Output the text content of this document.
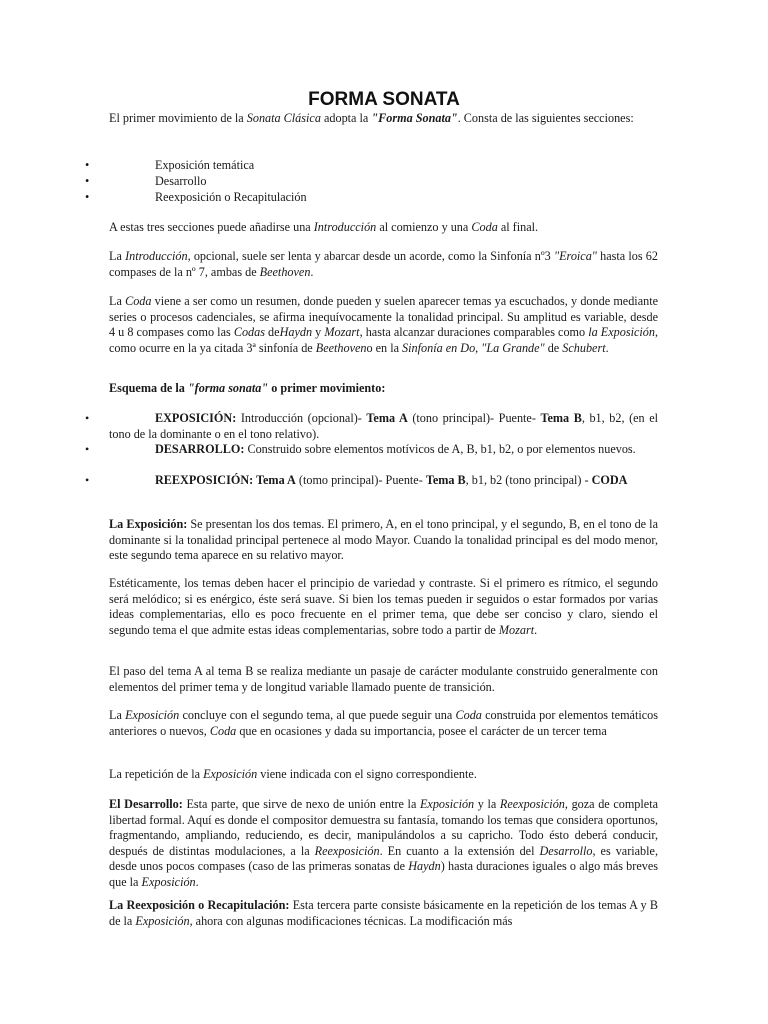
FORMA SONATA

El primer movimiento de la Sonata Clásica adopta la "Forma Sonata". Consta de las siguientes secciones:

•	Exposición temática
•	Desarrollo
•	Reexposición o Recapitulación

A estas tres secciones puede añadirse una Introducción al comienzo y una Coda al final.

La Introducción, opcional, suele ser lenta y abarcar desde un acorde, como la Sinfonía nº3 "Eroica" hasta los 62 compases de la nº 7, ambas de Beethoven.

La Coda viene a ser como un resumen, donde pueden y suelen aparecer temas ya escuchados, y donde mediante series o procesos cadenciales, se afirma inequívocamente la tonalidad principal. Su amplitud es variable, desde 4 u 8 compases como las Codas deHaydn y Mozart, hasta alcanzar duraciones comparables como la Exposición, como ocurre en la ya citada 3ª sinfonía de Beethoveno en la Sinfonía en Do, "La Grande" de Schubert.

Esquema de la "forma sonata" o primer movimiento:

•	EXPOSICIÓN: Introducción (opcional)- Tema A (tono principal)- Puente- Tema B, b1, b2, (en el tono de la dominante o en el tono relativo).
•	DESARROLLO: Construido sobre elementos motívicos de A, B, b1, b2, o por elementos nuevos.
•	REEXPOSICIÓN: Tema A (tomo principal)- Puente- Tema B, b1, b2 (tono principal) - CODA

La Exposición: Se presentan los dos temas. El primero, A, en el tono principal, y el segundo, B, en el tono de la dominante si la tonalidad principal pertenece al modo Mayor. Cuando la tonalidad principal es del modo menor, este segundo tema aparece en su relativo mayor.

Estéticamente, los temas deben hacer el principio de variedad y contraste. Si el primero es rítmico, el segundo será melódico; si es enérgico, éste será suave. Si bien los temas pueden ir seguidos o estar formados por varias ideas complementarias, ello es poco frecuente en el primer tema, que debe ser conciso y claro, siendo el segundo tema el que admite estas ideas complementarias, sobre todo a partir de Mozart.

El paso del tema A al tema B se realiza mediante un pasaje de carácter modulante construido generalmente con elementos del primer tema y de longitud variable llamado puente de transición.

La Exposición concluye con el segundo tema, al que puede seguir una Coda construida por elementos temáticos anteriores o nuevos, Coda que en ocasiones y dada su importancia, posee el carácter de un tercer tema

La repetición de la Exposición viene indicada con el signo correspondiente.

El Desarrollo: Esta parte, que sirve de nexo de unión entre la Exposición y la Reexposición, goza de completa libertad formal. Aquí es donde el compositor demuestra su fantasía, tomando los temas que considera oportunos, fragmentando, ampliando, reduciendo, es decir, manipulándolos a su capricho. Todo ésto deberá conducir, después de distintas modulaciones, a la Reexposición. En cuanto a la extensión del Desarrollo, es variable, desde unos pocos compases (caso de las primeras sonatas de Haydn) hasta duraciones iguales o algo más breves que la Exposición.

La Reexposición o Recapitulación: Esta tercera parte consiste básicamente en la repetición de los temas A y B de la Exposición, ahora con algunas modificaciones técnicas. La modificación más
